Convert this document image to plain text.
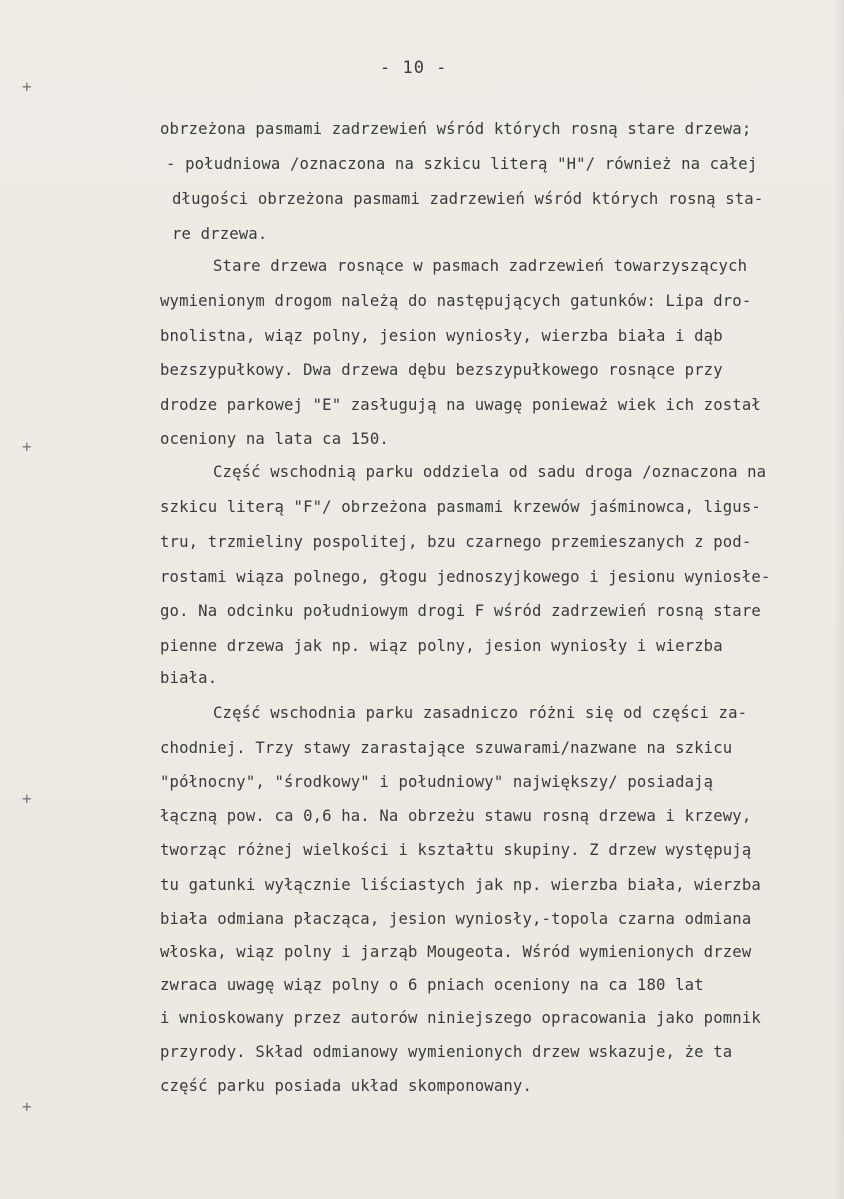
- 10 -
+
+
+
+
obrzeżona pasmami zadrzewień wśród których rosną stare drzewa;
- południowa /oznaczona na szkicu literą "H"/ również na całej
długości obrzeżona pasmami zadrzewień wśród których rosną sta-
re drzewa.
Stare drzewa rosnące w pasmach zadrzewień towarzyszących
wymienionym drogom należą do następujących gatunków: Lipa dro-
bnolistna, wiąz polny, jesion wyniosły, wierzba biała i dąb
bezszypułkowy. Dwa drzewa dębu bezszypułkowego rosnące przy
drodze parkowej "E" zasługują na uwagę ponieważ wiek ich został
oceniony na lata ca 150.
Część wschodnią parku oddziela od sadu droga /oznaczona na
szkicu literą "F"/ obrzeżona pasmami krzewów jaśminowca, ligus-
tru, trzmieliny pospolitej, bzu czarnego przemieszanych z pod-
rostami wiąza polnego, głogu jednoszyjkowego i jesionu wyniosłe-
go. Na odcinku południowym drogi F wśród zadrzewień rosną stare
pienne drzewa jak np. wiąz polny, jesion wyniosły i wierzba
biała.
Część wschodnia parku zasadniczo różni się od części za-
chodniej. Trzy stawy zarastające szuwarami/nazwane na szkicu
"północny", "środkowy" i południowy" największy/ posiadają
łączną pow. ca 0,6 ha. Na obrzeżu stawu rosną drzewa i krzewy,
tworząc różnej wielkości i kształtu skupiny. Z drzew występują
tu gatunki wyłącznie liściastych jak np. wierzba biała, wierzba
biała odmiana płacząca, jesion wyniosły,-topola czarna odmiana
włoska, wiąz polny i jarząb Mougeota. Wśród wymienionych drzew
zwraca uwagę wiąz polny o 6 pniach oceniony na ca 180 lat
i wnioskowany przez autorów niniejszego opracowania jako pomnik
przyrody. Skład odmianowy wymienionych drzew wskazuje, że ta
część parku posiada układ skomponowany.
